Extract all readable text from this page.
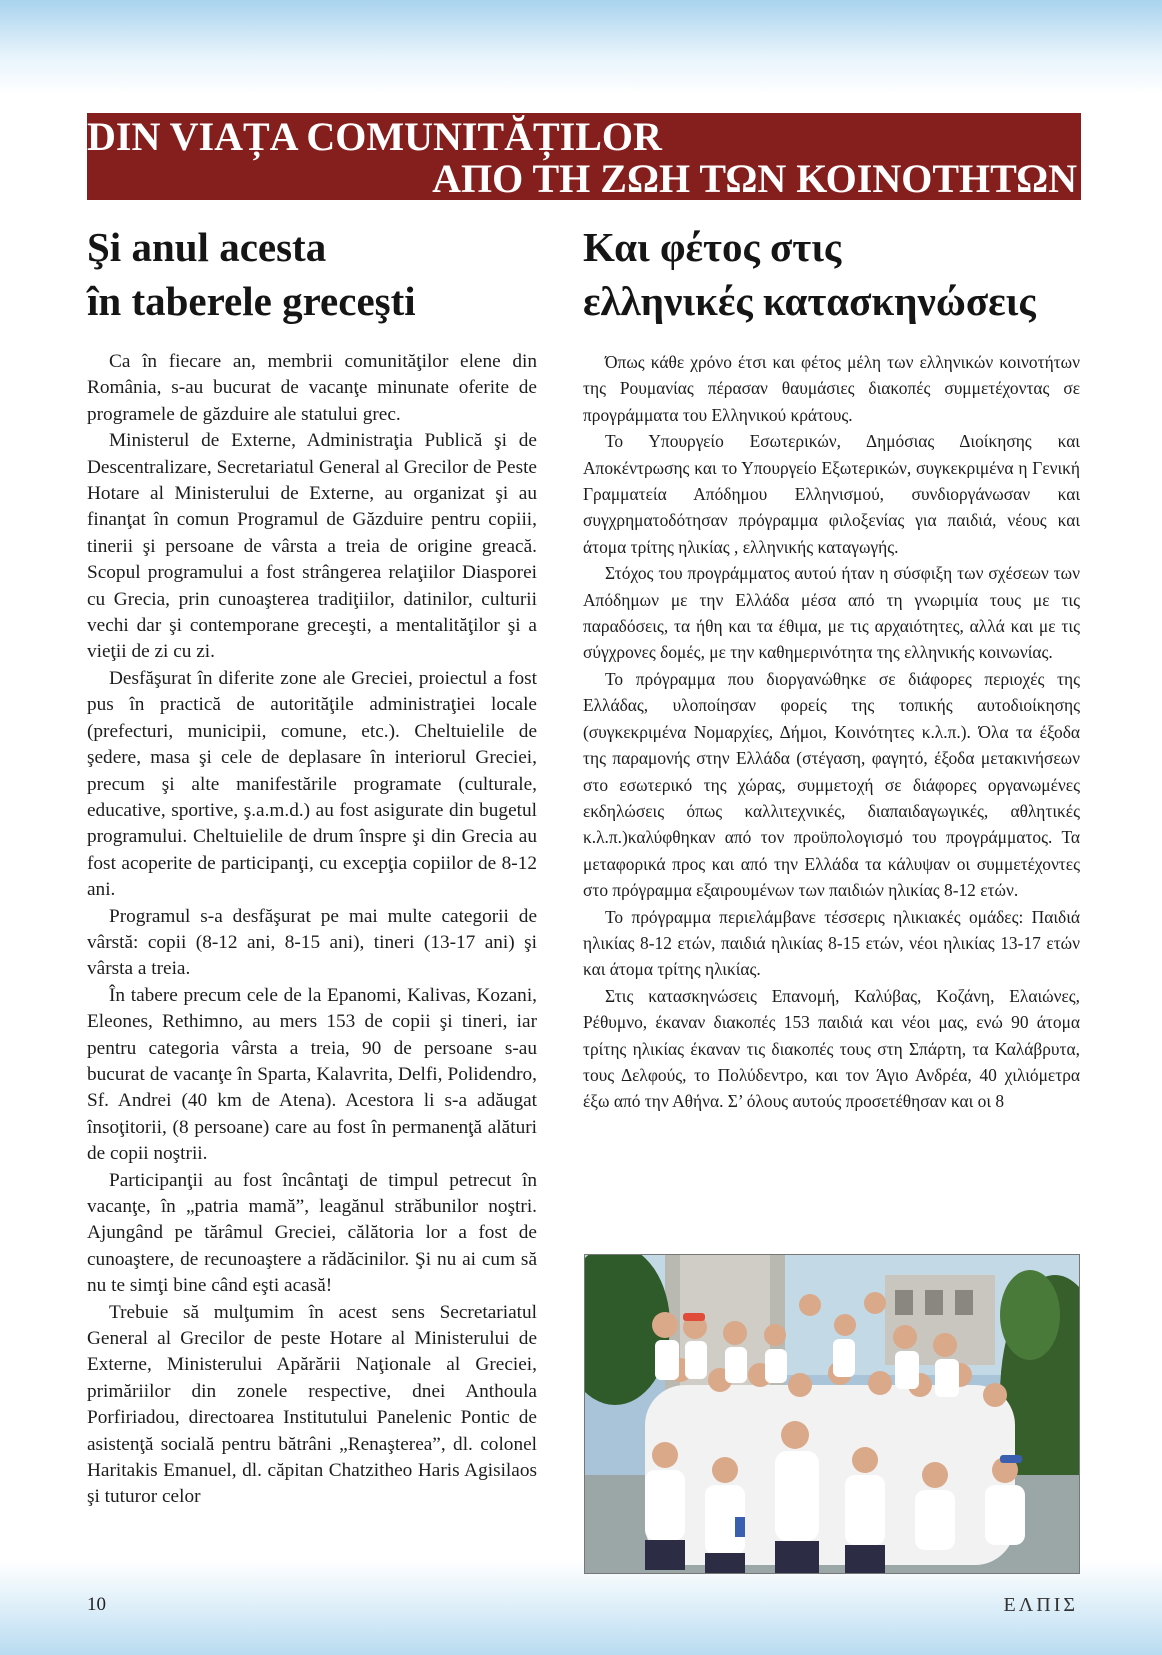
DIN VIAȚA COMUNITĂȚILOR
ΑΠΟ ΤΗ ΖΩΗ ΤΩΝ ΚΟΙΝΟΤΗΤΩΝ
Şi anul acesta
în taberele greceşti
Και φέτος στις
ελληνικές κατασκηνώσεις

Ca în fiecare an, membrii comunităţilor elene din România, s-au bucurat de vacanţe minunate oferite de programele de găzduire ale statului grec.

Ministerul de Externe, Administraţia Publică şi de Descentralizare, Secretariatul General al Grecilor de Peste Hotare al Ministerului de Externe, au organizat şi au finanţat în comun Programul de Găzduire pentru copiii, tinerii şi persoane de vârsta a treia de origine greacă. Scopul programului a fost strângerea relaţiilor Diasporei cu Grecia, prin cunoaşterea tradiţiilor, datinilor, culturii vechi dar şi contemporane greceşti, a mentalităţilor şi a vieţii de zi cu zi.

Desfăşurat în diferite zone ale Greciei, proiectul a fost pus în practică de autorităţile administraţiei locale (prefecturi, municipii, comune, etc.). Cheltuielile de şedere, masa şi cele de deplasare în interiorul Greciei, precum şi alte manifestările programate (culturale, educative, sportive, ş.a.m.d.) au fost asigurate din bugetul programului. Cheltuielile de drum înspre şi din Grecia au fost acoperite de participanţi, cu excepţia copiilor de 8-12 ani.

Programul s-a desfăşurat pe mai multe categorii de vârstă: copii (8-12 ani, 8-15 ani), tineri (13-17 ani) şi vârsta a treia.

În tabere precum cele de la Epanomi, Kalivas, Kozani, Eleones, Rethimno, au mers 153 de copii şi tineri, iar pentru categoria vârsta a treia, 90 de persoane s-au bucurat de vacanţe în Sparta, Kalavrita, Delfi, Polidendro, Sf. Andrei (40 km de Atena). Acestora li s-a adăugat însoţitorii, (8 persoane) care au fost în permanenţă alături de copii noştrii.

Participanţii au fost încântaţi de timpul petrecut în vacanţe, în „patria mamă”, leagănul străbunilor noştri. Ajungând pe tărâmul Greciei, călătoria lor a fost de cunoaştere, de recunoaştere a rădăcinilor. Şi nu ai cum să nu te simţi bine când eşti acasă!

Trebuie să mulţumim în acest sens Secretariatul General al Grecilor de peste Hotare al Ministerului de Externe, Ministerului Apărării Naţionale al Greciei, primăriilor din zonele respective, dnei Anthoula Porfiriadou, directoarea Institutului Panelenic Pontic de asistenţă socială pentru bătrâni „Renaşterea”, dl. colonel Haritakis Emanuel, dl. căpitan Chatzitheo Haris Agisilaos şi tuturor celor

Όπως κάθε χρόνο έτσι και φέτος μέλη των ελληνικών κοινοτήτων της Ρουμανίας πέρασαν θαυμάσιες διακοπές συμμετέχοντας σε προγράμματα του Ελληνικού κράτους.

Το Υπουργείο Εσωτερικών, Δημόσιας Διοίκησης και Αποκέντρωσης και το Υπουργείο Εξωτερικών, συγκεκριμένα η Γενική Γραμματεία Απόδημου Ελληνισμού, συνδιοργάνωσαν και συγχρηματοδότησαν πρόγραμμα φιλοξενίας για παιδιά, νέους και άτομα τρίτης ηλικίας , ελληνικής καταγωγής.

Στόχος του προγράμματος αυτού ήταν η σύσφιξη των σχέσεων των Απόδημων με την Ελλάδα μέσα από τη γνωριμία τους με τις παραδόσεις, τα ήθη και τα έθιμα, με τις αρχαιότητες, αλλά και με τις σύγχρονες δομές, με την καθημερινότητα της ελληνικής κοινωνίας.

Το πρόγραμμα που διοργανώθηκε σε διάφορες περιοχές της Ελλάδας, υλοποίησαν φορείς της τοπικής αυτοδιοίκησης (συγκεκριμένα Νομαρχίες, Δήμοι, Κοινότητες κ.λ.π.). Όλα τα έξοδα της παραμονής στην Ελλάδα (στέγαση, φαγητό, έξοδα μετακινήσεων στο εσωτερικό της χώρας, συμμετοχή σε διάφορες οργανωμένες εκδηλώσεις όπως καλλιτεχνικές, διαπαιδαγωγικές, αθλητικές κ.λ.π.)καλύφθηκαν από τον προϋπολογισμό του προγράμματος. Τα μεταφορικά προς και από την Ελλάδα τα κάλυψαν οι συμμετέχοντες στο πρόγραμμα εξαιρουμένων των παιδιών ηλικίας 8-12 ετών.

Το πρόγραμμα περιελάμβανε τέσσερις ηλικιακές ομάδες: Παιδιά ηλικίας 8-12 ετών, παιδιά ηλικίας 8-15 ετών, νέοι ηλικίας 13-17 ετών και άτομα τρίτης ηλικίας.

Στις κατασκηνώσεις Επανομή, Καλύβας, Κοζάνη, Ελαιώνες, Ρέθυμνο, έκαναν διακοπές 153 παιδιά και νέοι μας, ενώ 90 άτομα τρίτης ηλικίας έκαναν τις διακοπές τους στη Σπάρτη, τα Καλάβρυτα, τους Δελφούς, το Πολύδεντρο, και τον Άγιο Ανδρέα, 40 χιλιόμετρα έξω από την Αθήνα. Σ’ όλους αυτούς προσετέθησαν και οι 8

10	ΕΛΠΙΣ
